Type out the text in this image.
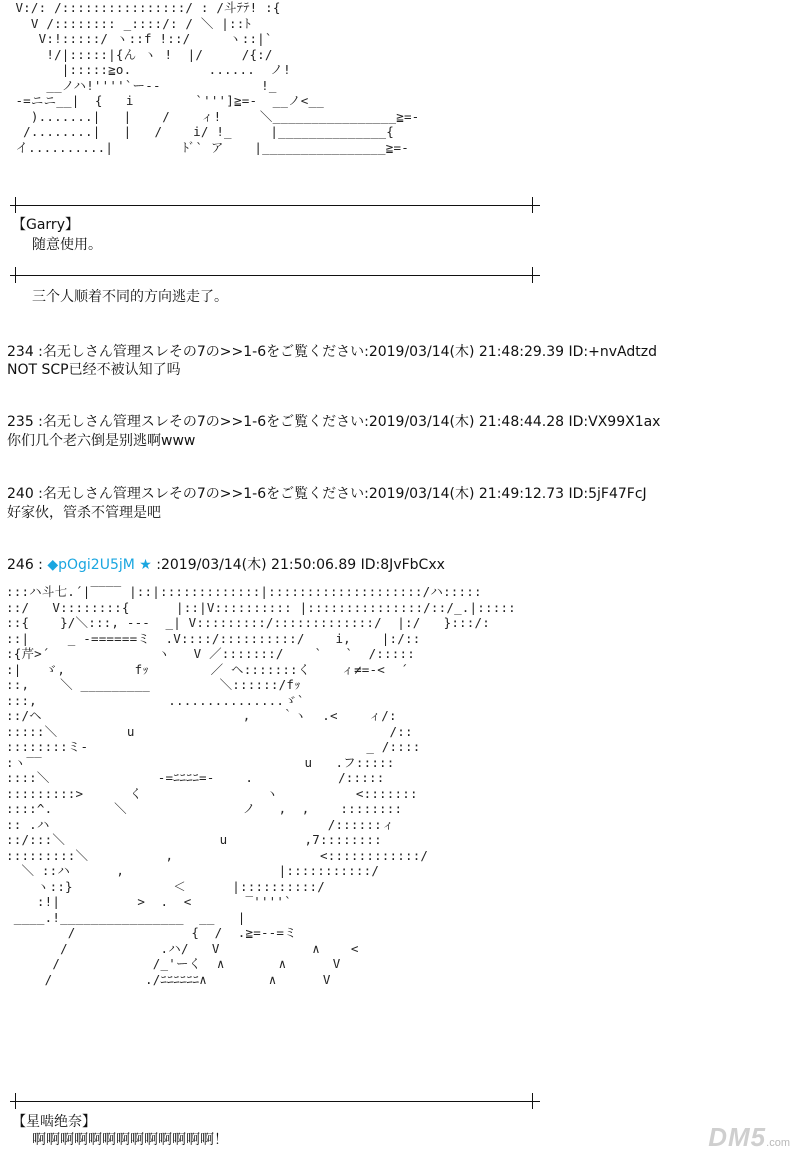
V:/: /::::::::::::::::/ : /斗ﾃﾃ! :{
V /:::::::: _::::/: / ＼ |::ﾄ
V:!:::::/ ヽ::f !::/     ヽ::|`
!/|:::::|{ん ヽ !  |/     /{:/
|:::::≧o.          ......  ノ!
__ノハ!''''`ー--             !_
-=ニニ__|  {   i        `''']≧=-  __ノ<__
).......|   |    /    ィ!     ＼________________≧=-
/........|   |   /    i/ !_     |______________{
イ..........|         ﾄﾞ` ア    |________________≧=-
【Garry】
随意使用。
三个人顺着不同的方向逃走了。
234 :名无しさん管理スレその7の>>1-6をご覧ください:2019/03/14(木) 21:48:29.39 ID:+nvAdtzd
NOT SCP已经不被认知了吗
235 :名无しさん管理スレその7の>>1-6をご覧ください:2019/03/14(木) 21:48:44.28 ID:VX99X1ax
你们几个老六倒是别逃啊www
240 :名无しさん管理スレその7の>>1-6をご覧ください:2019/03/14(木) 21:49:12.73 ID:5jF47FcJ
好家伙，管杀不管理是吧
246 : ◆pOgi2U5jM ★ :2019/03/14(木) 21:50:06.89 ID:8JvFbCxx
:::ハ斗七.´|‾‾‾‾ |::|:::::::::::::|::::::::::::::::::::/ハ:::::
::/   V::::::::{      |::|V:::::::::: |:::::::::::::::/::/_.|:::::
::{    }/＼:::, ---  _| V:::::::::/:::::::::::::/  |:/   }:::/:
::|     _ -======ミ  .V::::/::::::::::/    i,    |:/::
:{芹>´              ヽ   V ／:::::::/    `   `  /:::::
:|   ゞ,         fｯ        ／ ヘ:::::::く    ィ≠=-<  ´
::,    ＼ _________         ＼::::::/fｯ
:::,                 ...............ゞ`
::/ヘ                          ,    ｀ヽ  .<    ィ/:
:::::＼         u                                 /::
::::::::ミ-                                    _ /::::
:ヽ‾‾                                  u   .フ:::::
::::＼              -=ﾆﾆﾆﾆ=-    .           /:::::
:::::::::>      く                ヽ          <:::::::
::::^.        ＼               ノ   ,  ,    ::::::::
:: .ハ                                    /::::::ィ
::/:::＼                    u          ,7::::::::
:::::::::＼          ,                   <::::::::::::/
＼ ::ハ      ,                    |:::::::::::/
ヽ::}             ＜      |::::::::::/
:!|          >  .  <       ‾''''`
____.!________________  __   |
/               {  /  .≧=--=ミ
/            .ハ/   V            ∧    <
/            /_'ーく  ∧       ∧      V
/            ./ﾆﾆﾆﾆﾆﾆ∧        ∧      V
【星啮绝奈】
啊啊啊啊啊啊啊啊啊啊啊啊啊！	DM5.com
